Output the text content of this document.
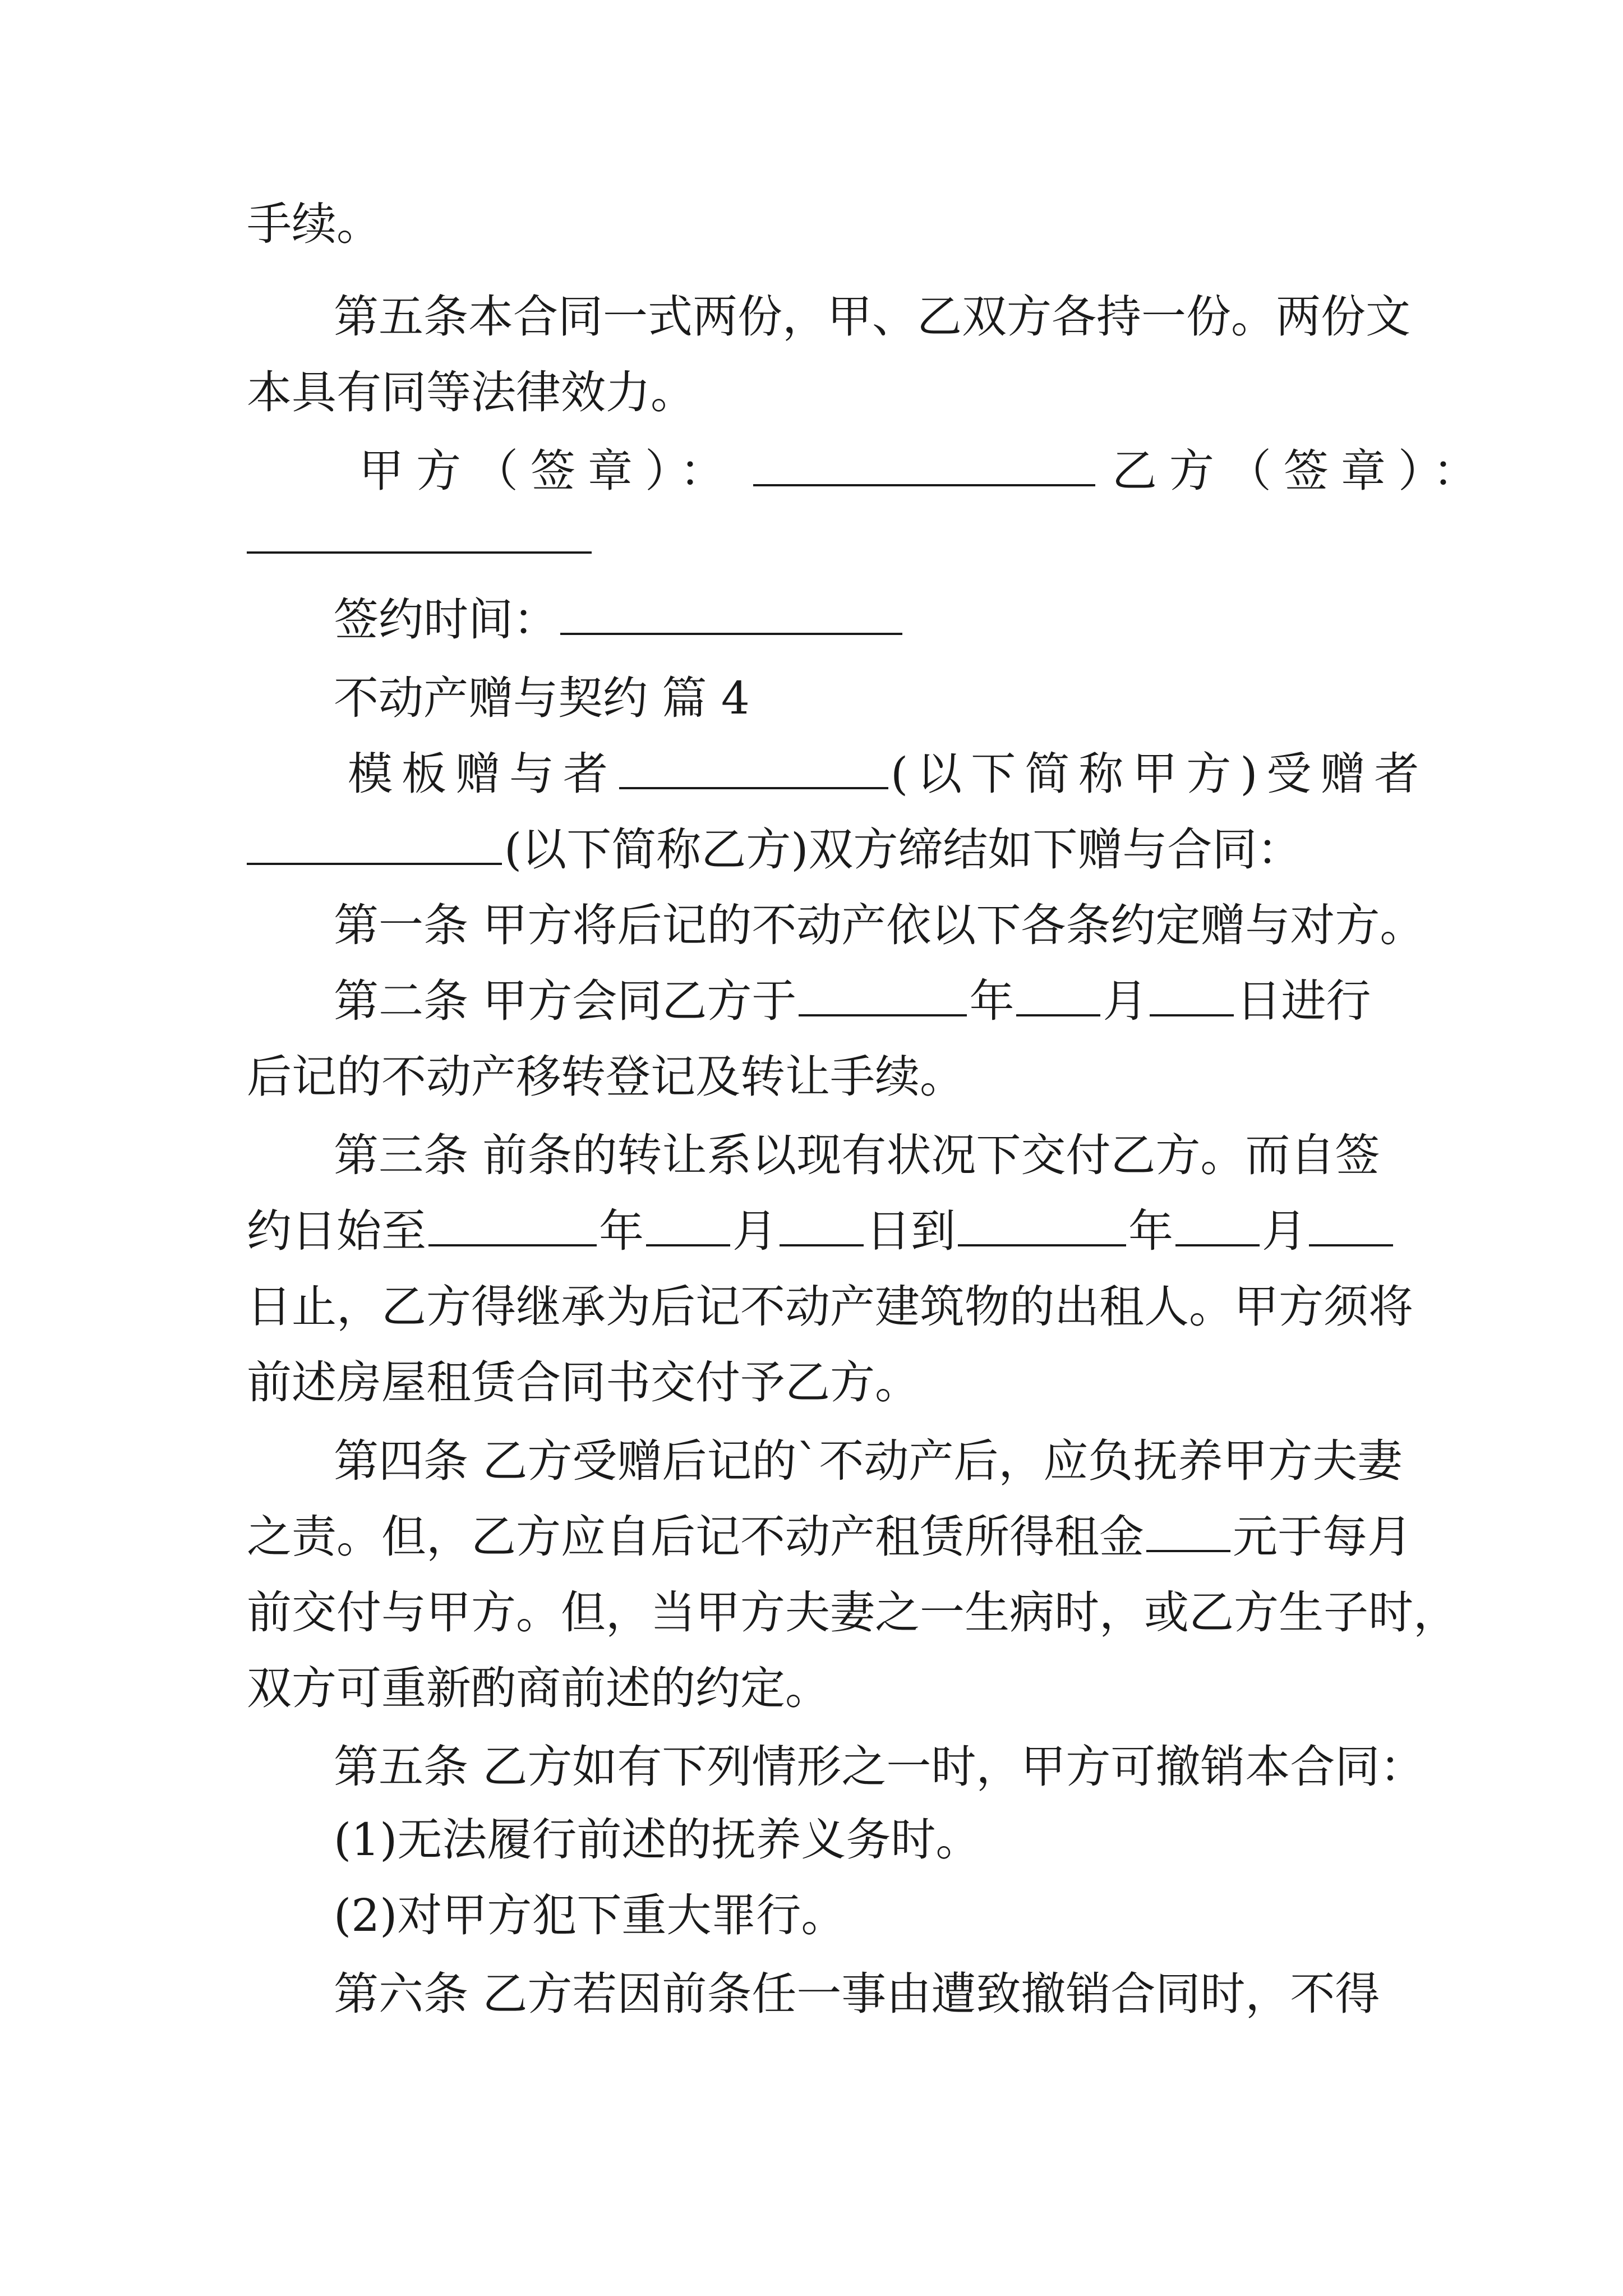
手续。
第五条本合同一式两份，甲、乙双方各持一份。两份文
本具有同等法律效力。
甲方（签章）：	乙方（签章）：
签约时间：
不动产赠与契约 篇 4
模板赠与者	(以下简称甲方)受赠者
(以下简称乙方)双方缔结如下赠与合同：
第一条 甲方将后记的不动产依以下各条约定赠与对方。
第二条 甲方会同乙方于	年 月 日进行
后记的不动产移转登记及转让手续。
第三条 前条的转让系以现有状况下交付乙方。而自签
约日始至	年 月 日到	年 月
日止，乙方得继承为后记不动产建筑物的出租人。甲方须将
前述房屋租赁合同书交付予乙方。
第四条 乙方受赠后记的`不动产后，应负抚养甲方夫妻
之责。但，乙方应自后记不动产租赁所得租金 元于每月
前交付与甲方。但，当甲方夫妻之一生病时，或乙方生子时，
双方可重新酌商前述的约定。
第五条 乙方如有下列情形之一时，甲方可撤销本合同：
(1)无法履行前述的抚养义务时。
(2)对甲方犯下重大罪行。
第六条 乙方若因前条任一事由遭致撤销合同时，不得
